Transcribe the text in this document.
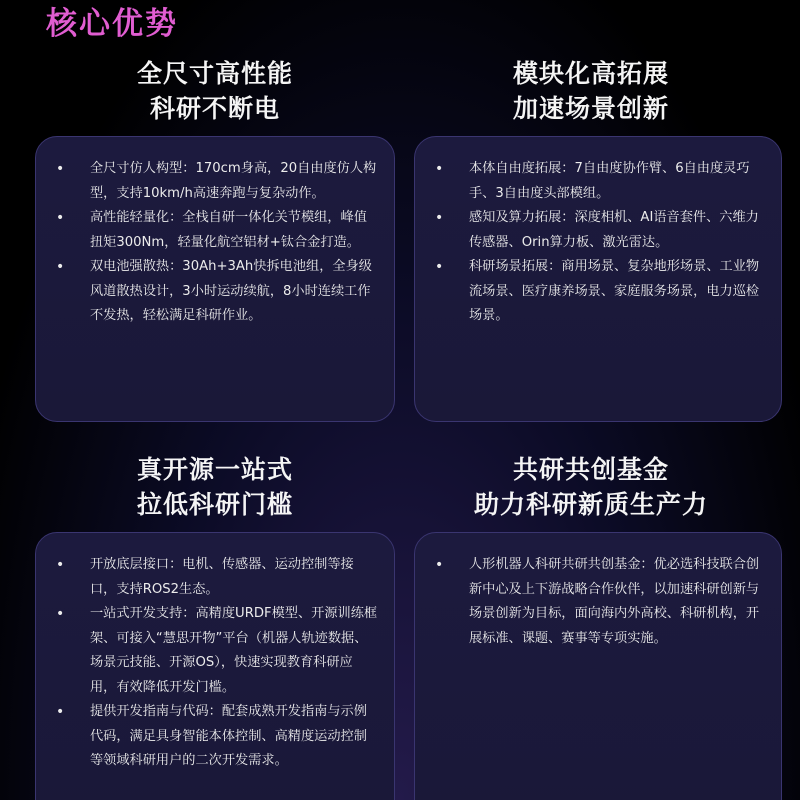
核心优势
全尺寸高性能
科研不断电
• 全尺寸仿人构型：170cm身高，20自由度仿人构型，支持10km/h高速奔跑与复杂动作。
• 高性能轻量化：全栈自研一体化关节模组，峰值扭矩300Nm，轻量化航空铝材+钛合金打造。
• 双电池强散热：30Ah+3Ah快拆电池组，全身级风道散热设计，3小时运动续航，8小时连续工作不发热，轻松满足科研作业。
模块化高拓展
加速场景创新
• 本体自由度拓展：7自由度协作臂、6自由度灵巧手、3自由度头部模组。
• 感知及算力拓展：深度相机、AI语音套件、六维力传感器、Orin算力板、激光雷达。
• 科研场景拓展：商用场景、复杂地形场景、工业物流场景、医疗康养场景、家庭服务场景，电力巡检场景。
真开源一站式
拉低科研门槛
• 开放底层接口：电机、传感器、运动控制等接口，支持ROS2生态。
• 一站式开发支持：高精度URDF模型、开源训练框架、可接入“慧思开物”平台（机器人轨迹数据、场景元技能、开源OS），快速实现教育科研应用，有效降低开发门槛。
• 提供开发指南与代码：配套成熟开发指南与示例代码，满足具身智能本体控制、高精度运动控制等领域科研用户的二次开发需求。
共研共创基金
助力科研新质生产力
• 人形机器人科研共研共创基金：优必选科技联合创新中心及上下游战略合作伙伴，以加速科研创新与场景创新为目标，面向海内外高校、科研机构，开展标准、课题、赛事等专项实施。
